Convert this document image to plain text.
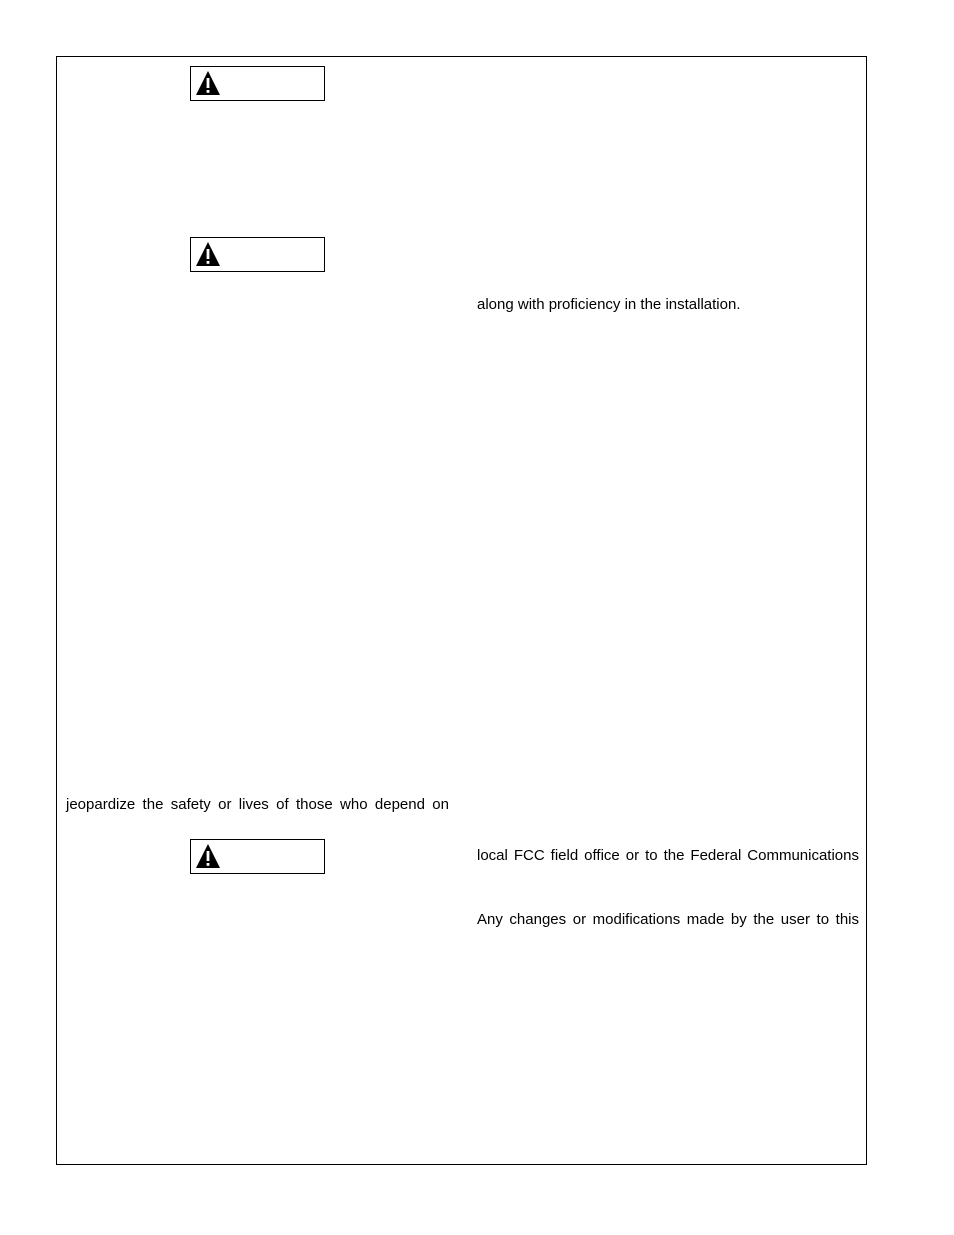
along with proficiency in the installation.
local FCC field office or to the Federal Communications
Any changes or modifications made by the user to this
jeopardize the safety or lives of those who depend on
